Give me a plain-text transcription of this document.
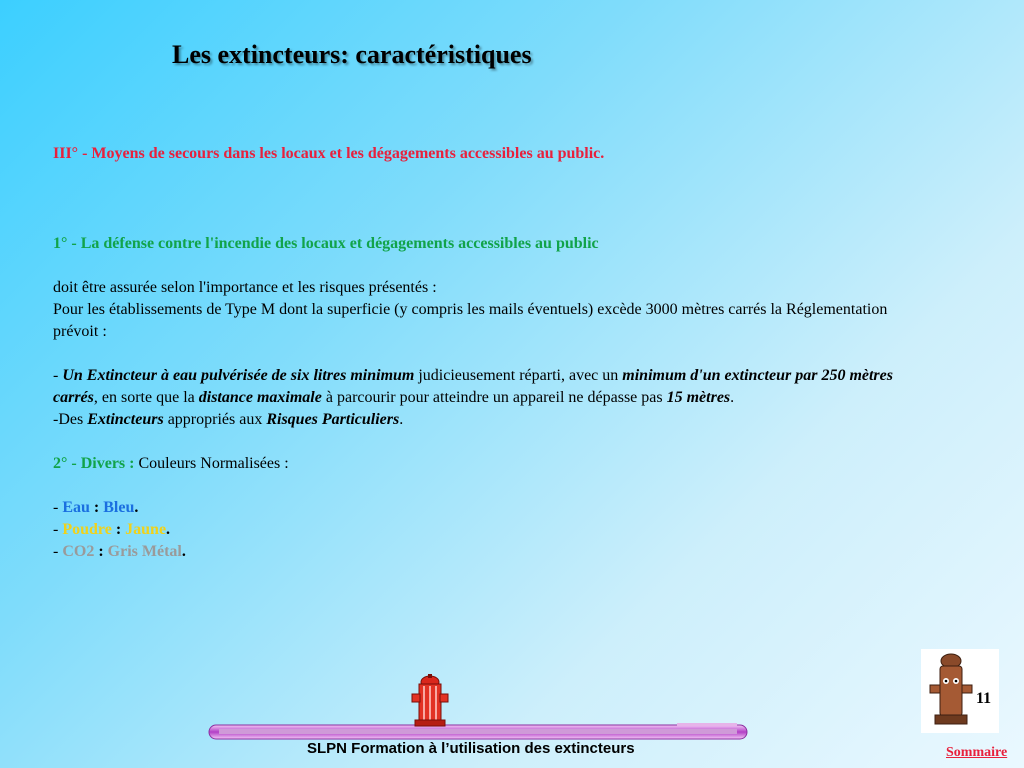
Les extincteurs: caractéristiques

III° - Moyens de secours dans les locaux et les dégagements accessibles au public.

1° - La défense contre l'incendie des locaux et dégagements accessibles au public

doit être assurée selon l'importance et les risques présentés :

Pour les établissements de Type M dont la superficie (y compris les mails éventuels) excède 3000 mètres carrés la Réglementation prévoit :

- Un Extincteur à eau pulvérisée de six litres minimum judicieusement réparti, avec un minimum d'un extincteur par 250 mètres carrés, en sorte que la distance maximale à parcourir pour atteindre un appareil ne dépasse pas 15 mètres.

-Des Extincteurs appropriés aux Risques Particuliers.

2° - Divers : Couleurs Normalisées :

- Eau : Bleu.

- Poudre : Jaune.

- CO2 : Gris Métal.

11
SLPN Formation à l’utilisation des extincteurs	Sommaire
